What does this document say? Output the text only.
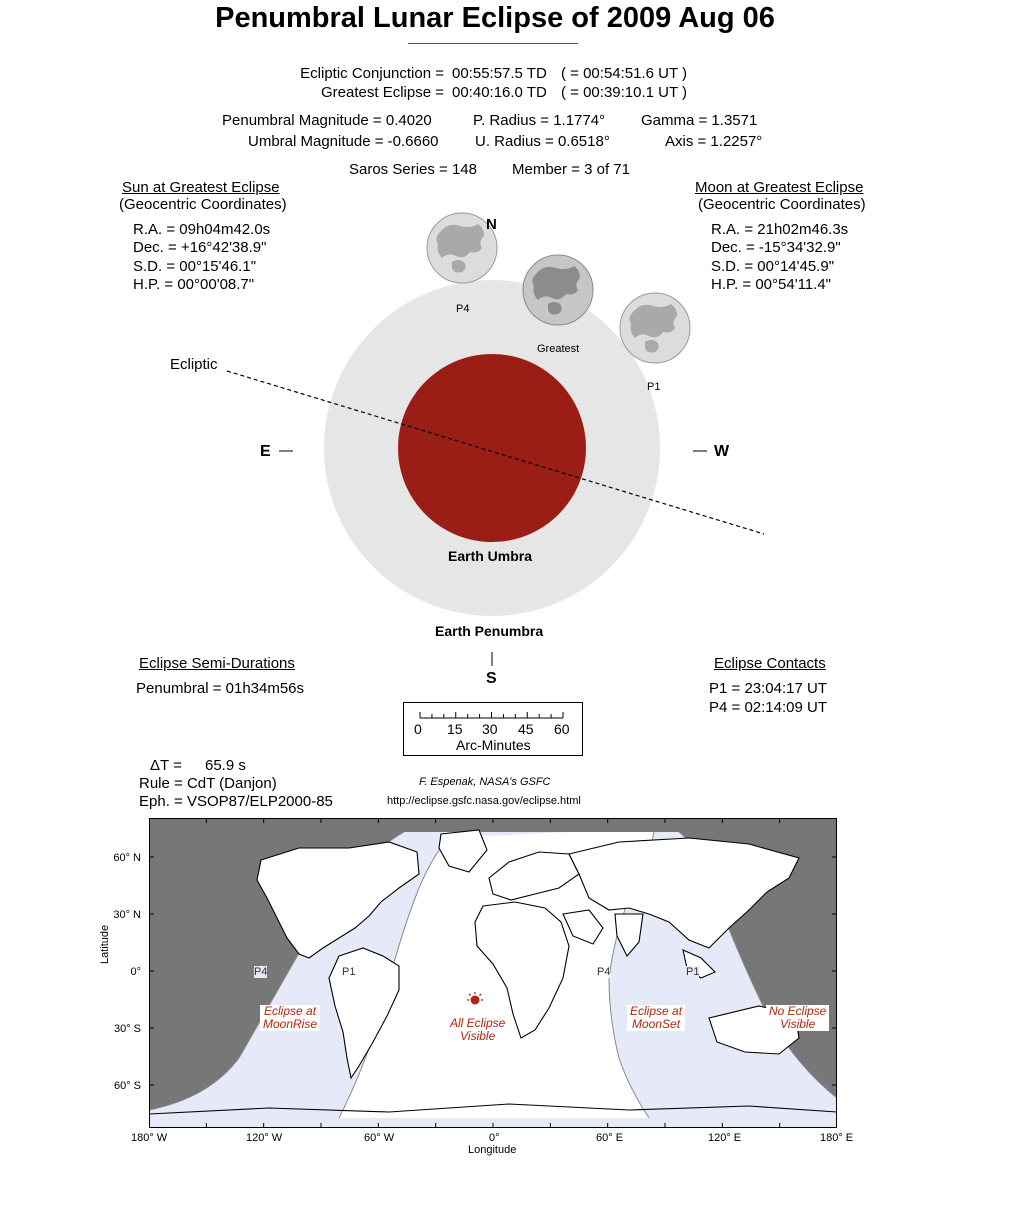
Penumbral Lunar Eclipse of 2009 Aug 06
Ecliptic Conjunction = 00:55:57.5 TD ( = 00:54:51.6 UT )
Greatest Eclipse = 00:40:16.0 TD ( = 00:39:10.1 UT )
Penumbral Magnitude = 0.4020
Umbral Magnitude = -0.6660
P. Radius = 1.1774°
U. Radius = 0.6518°
Gamma = 1.3571
Axis = 1.2257°
Saros Series = 148 Member = 3 of 71
Sun at Greatest Eclipse
(Geocentric Coordinates)
R.A. = 09h04m42.0s
Dec. = +16°42'38.9"
S.D. = 00°15'46.1"
H.P. = 00°00'08.7"
Moon at Greatest Eclipse
(Geocentric Coordinates)
R.A. = 21h02m46.3s
Dec. = -15°34'32.9"
S.D. = 00°14'45.9"
H.P. = 00°54'11.4"
N
E	W
S
Ecliptic
Earth Umbra
Earth Penumbra
P4
Greatest
P1
Eclipse Semi-Durations
Penumbral = 01h34m56s
Eclipse Contacts
P1 = 23:04:17 UT
P4 = 02:14:09 UT
0 15 30 45 60
Arc-Minutes
ΔT = 65.9 s
Rule = CdT (Danjon)
Eph. = VSOP87/ELP2000-85
F. Espenak, NASA's GSFC
http://eclipse.gsfc.nasa.gov/eclipse.html
P4	P1	P4	P1
Eclipse at
MoonRise	All Eclipse
Visible
Eclipse at
MoonSet
No Eclipse
Visible
60° N
30° N
0°
30° S
60° S
Latitude
180° W	120° W	60° W	0°	60° E	120° E	180° E
Longitude
